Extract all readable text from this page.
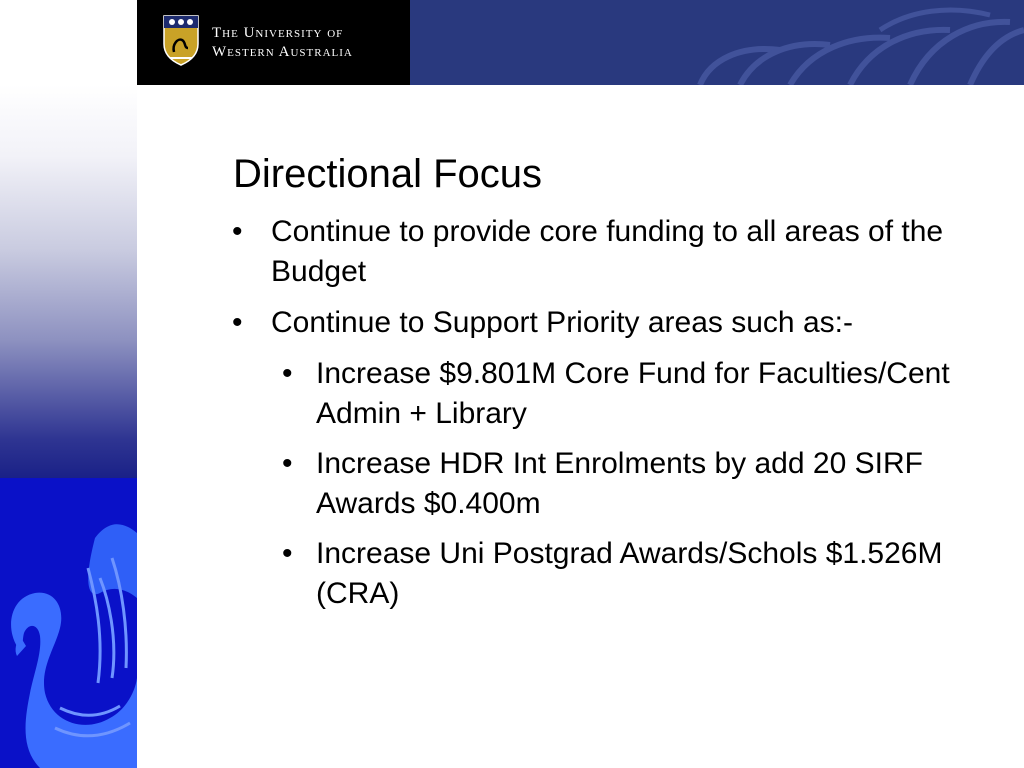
The University of
Western Australia
Directional Focus
• Continue to provide core funding to all areas of the Budget
• Continue to Support Priority areas such as:-
• Increase $9.801M Core Fund for Faculties/Cent Admin + Library
• Increase HDR Int Enrolments by add 20 SIRF Awards $0.400m
• Increase Uni Postgrad Awards/Schols $1.526M (CRA)
